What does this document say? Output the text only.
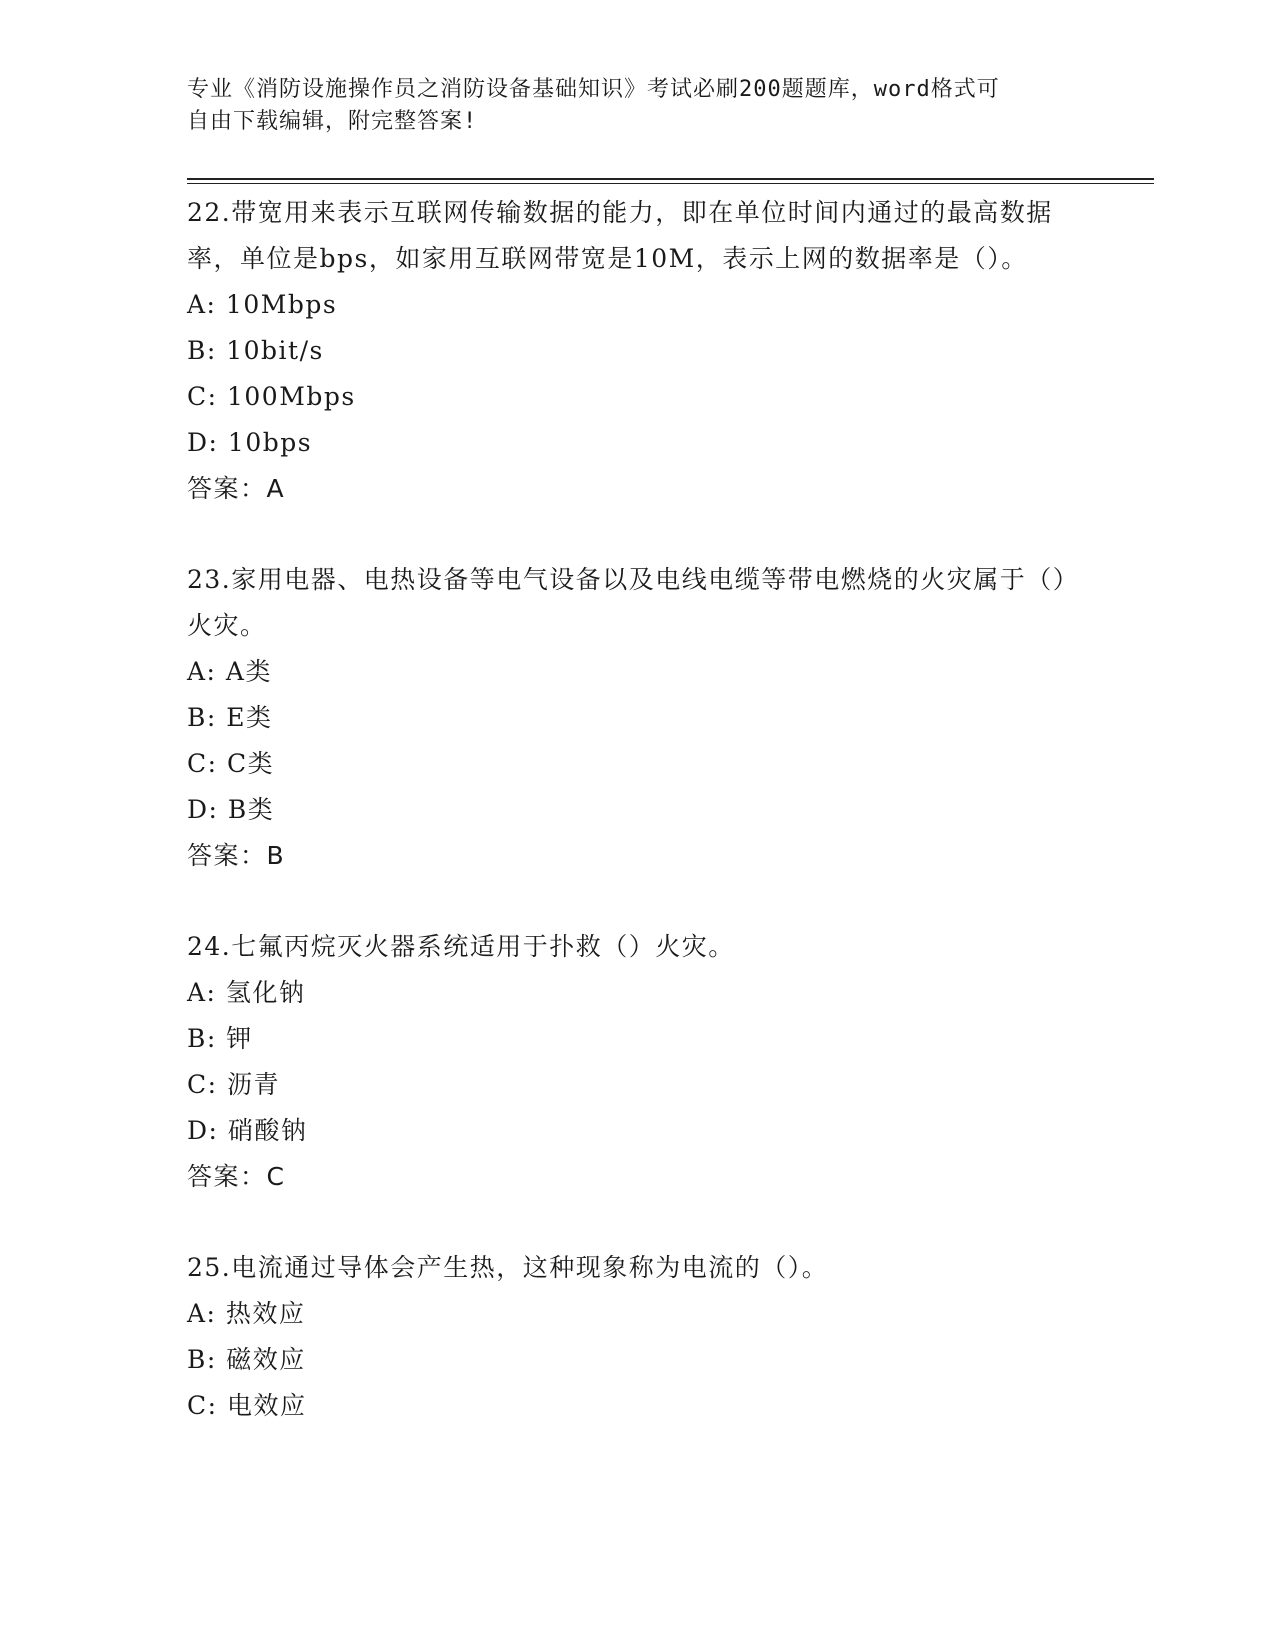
专业《消防设施操作员之消防设备基础知识》考试必刷200题题库，word格式可
自由下载编辑，附完整答案!
22.带宽用来表示互联网传输数据的能力，即在单位时间内通过的最高数据率，单位是bps，如家用互联网带宽是10M，表示上网的数据率是（）。
A: 10Mbps
B: 10bit/s
C: 100Mbps
D: 10bps
答案：A
23.家用电器、电热设备等电气设备以及电线电缆等带电燃烧的火灾属于（）火灾。
A: A类
B: E类
C: C类
D: B类
答案：B
24.七氟丙烷灭火器系统适用于扑救（）火灾。
A: 氢化钠
B: 钾
C: 沥青
D: 硝酸钠
答案：C
25.电流通过导体会产生热，这种现象称为电流的（）。
A: 热效应
B: 磁效应
C: 电效应
